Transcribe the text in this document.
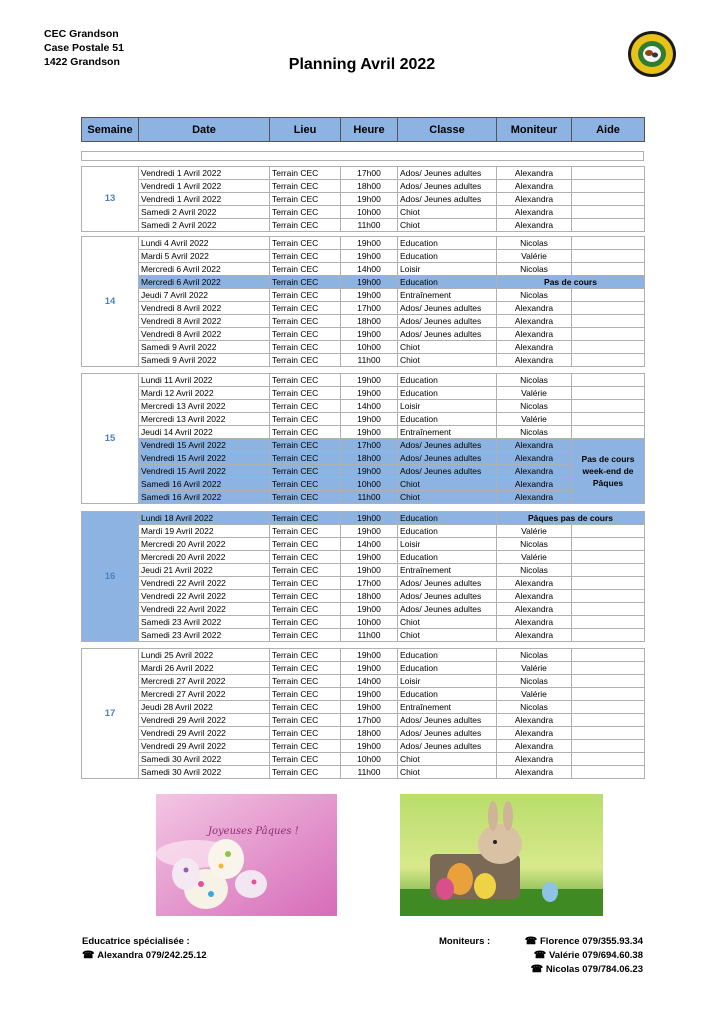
CEC Grandson
Case Postale 51
1422 Grandson	Planning Avril 2022
Semaine	Date	Lieu	Heure	Classe	Moniteur	Aide
13	Vendredi 1 Avril 2022	Terrain CEC	17h00	Ados/ Jeunes adultes	Alexandra	
	Vendredi 1 Avril 2022	Terrain CEC	18h00	Ados/ Jeunes adultes	Alexandra	
	Vendredi 1 Avril 2022	Terrain CEC	19h00	Ados/ Jeunes adultes	Alexandra	
	Samedi 2 Avril 2022	Terrain CEC	10h00	Chiot	Alexandra	
	Samedi 2 Avril 2022	Terrain CEC	11h00	Chiot	Alexandra	
14	Lundi 4 Avril 2022	Terrain CEC	19h00	Education	Nicolas	
	Mardi 5 Avril 2022	Terrain CEC	19h00	Education	Valérie	
	Mercredi 6 Avril 2022	Terrain CEC	14h00	Loisir	Nicolas	
	Mercredi 6 Avril 2022	Terrain CEC	19h00	Education	Pas de cours	
	Jeudi 7 Avril 2022	Terrain CEC	19h00	Entraînement	Nicolas	
	Vendredi 8 Avril 2022	Terrain CEC	17h00	Ados/ Jeunes adultes	Alexandra	
	Vendredi 8 Avril 2022	Terrain CEC	18h00	Ados/ Jeunes adultes	Alexandra	
	Vendredi 8 Avril 2022	Terrain CEC	19h00	Ados/ Jeunes adultes	Alexandra	
	Samedi 9 Avril 2022	Terrain CEC	10h00	Chiot	Alexandra	
	Samedi 9 Avril 2022	Terrain CEC	11h00	Chiot	Alexandra	
15	Lundi 11 Avril 2022	Terrain CEC	19h00	Education	Nicolas	
	Mardi 12 Avril 2022	Terrain CEC	19h00	Education	Valérie	
	Mercredi 13 Avril 2022	Terrain CEC	14h00	Loisir	Nicolas	
	Mercredi 13 Avril 2022	Terrain CEC	19h00	Education	Valérie	
	Jeudi 14 Avril 2022	Terrain CEC	19h00	Entraînement	Nicolas	
	Vendredi 15 Avril 2022	Terrain CEC	17h00	Ados/ Jeunes adultes	Alexandra	Pas de cours week-end de Pâques
	Vendredi 15 Avril 2022	Terrain CEC	18h00	Ados/ Jeunes adultes	Alexandra	
	Vendredi 15 Avril 2022	Terrain CEC	19h00	Ados/ Jeunes adultes	Alexandra	
	Samedi 16 Avril 2022	Terrain CEC	10h00	Chiot	Alexandra	
	Samedi 16 Avril 2022	Terrain CEC	11h00	Chiot	Alexandra	
16	Lundi 18 Avril 2022	Terrain CEC	19h00	Education	Pâques pas de cours	
	Mardi 19 Avril 2022	Terrain CEC	19h00	Education	Valérie	
	Mercredi 20 Avril 2022	Terrain CEC	14h00	Loisir	Nicolas	
	Mercredi 20 Avril 2022	Terrain CEC	19h00	Education	Valérie	
	Jeudi 21 Avril 2022	Terrain CEC	19h00	Entraînement	Nicolas	
	Vendredi 22 Avril 2022	Terrain CEC	17h00	Ados/ Jeunes adultes	Alexandra	
	Vendredi 22 Avril 2022	Terrain CEC	18h00	Ados/ Jeunes adultes	Alexandra	
	Vendredi 22 Avril 2022	Terrain CEC	19h00	Ados/ Jeunes adultes	Alexandra	
	Samedi 23 Avril 2022	Terrain CEC	10h00	Chiot	Alexandra	
	Samedi 23 Avril 2022	Terrain CEC	11h00	Chiot	Alexandra	
17	Lundi 25 Avril 2022	Terrain CEC	19h00	Education	Nicolas	
	Mardi 26 Avril 2022	Terrain CEC	19h00	Education	Valérie	
	Mercredi 27 Avril 2022	Terrain CEC	14h00	Loisir	Nicolas	
	Mercredi 27 Avril 2022	Terrain CEC	19h00	Education	Valérie	
	Jeudi 28 Avril 2022	Terrain CEC	19h00	Entraînement	Nicolas	
	Vendredi 29 Avril 2022	Terrain CEC	17h00	Ados/ Jeunes adultes	Alexandra	
	Vendredi 29 Avril 2022	Terrain CEC	18h00	Ados/ Jeunes adultes	Alexandra	
	Vendredi 29 Avril 2022	Terrain CEC	19h00	Ados/ Jeunes adultes	Alexandra	
	Samedi 30 Avril 2022	Terrain CEC	10h00	Chiot	Alexandra	
	Samedi 30 Avril 2022	Terrain CEC	11h00	Chiot	Alexandra	
Joyeuses Pâques !
Educatrice spécialisée :
☎ Alexandra 079/242.25.12
Moniteurs :	☎ Florence 079/355.93.34
☎ Valérie 079/694.60.38
☎ Nicolas 079/784.06.23
